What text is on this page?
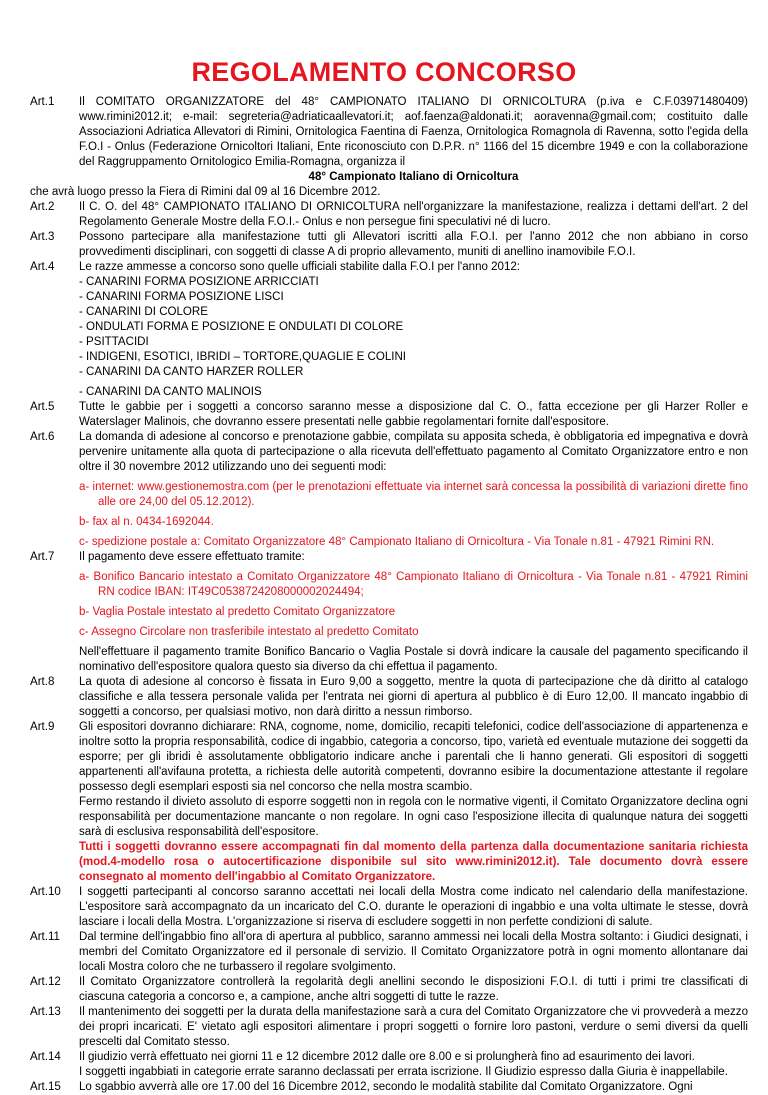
REGOLAMENTO CONCORSO
Art.1 Il COMITATO ORGANIZZATORE del 48° CAMPIONATO ITALIANO DI ORNICOLTURA (p.iva e C.F.03971480409) www.rimini2012.it; e-mail: segreteria@adriaticaallevatori.it; aof.faenza@aldonati.it; aoravenna@gmail.com; costituito dalle Associazioni Adriatica Allevatori di Rimini, Ornitologica Faentina di Faenza, Ornitologica Romagnola di Ravenna, sotto l'egida della F.O.I - Onlus (Federazione Ornicoltori Italiani, Ente riconosciuto con D.P.R. n° 1166 del 15 dicembre 1949 e con la collaborazione del Raggruppamento Ornitologico Emilia-Romagna, organizza il
48° Campionato Italiano di Ornicoltura
che avrà luogo presso la Fiera di Rimini dal 09 al 16 Dicembre 2012.
Art.2 Il C. O. del 48° CAMPIONATO ITALIANO DI ORNICOLTURA nell'organizzare la manifestazione, realizza i dettami dell'art. 2 del Regolamento Generale Mostre della F.O.I.- Onlus e non persegue fini speculativi né di lucro.
Art.3 Possono partecipare alla manifestazione tutti gli Allevatori iscritti alla F.O.I. per l'anno 2012 che non abbiano in corso provvedimenti disciplinari, con soggetti di classe A di proprio allevamento, muniti di anellino inamovibile F.O.I.
Art.4 Le razze ammesse a concorso sono quelle ufficiali stabilite dalla F.O.I per l'anno 2012:
- CANARINI FORMA POSIZIONE ARRICCIATI
- CANARINI FORMA POSIZIONE LISCI
- CANARINI DI COLORE
- ONDULATI FORMA E POSIZIONE E ONDULATI DI COLORE
- PSITTACIDI
- INDIGENI, ESOTICI, IBRIDI – TORTORE,QUAGLIE E COLINI
- CANARINI DA CANTO HARZER ROLLER
- CANARINI DA CANTO MALINOIS
Art.5 Tutte le gabbie per i soggetti a concorso saranno messe a disposizione dal C. O., fatta eccezione per gli Harzer Roller e Waterslager Malinois, che dovranno essere presentati nelle gabbie regolamentari fornite dall'espositore.
Art.6 La domanda di adesione al concorso e prenotazione gabbie, compilata su apposita scheda, è obbligatoria ed impegnativa e dovrà pervenire unitamente alla quota di partecipazione o alla ricevuta dell'effettuato pagamento al Comitato Organizzatore entro e non oltre il 30 novembre 2012 utilizzando uno dei seguenti modi:
a- internet: www.gestionemostra.com (per le prenotazioni effettuate via internet sarà concessa la possibilità di variazioni dirette fino alle ore 24,00 del 05.12.2012).
b- fax al n. 0434-1692044.
c- spedizione postale a: Comitato Organizzatore 48° Campionato Italiano di Ornicoltura - Via Tonale n.81 - 47921 Rimini RN.
Art.7 Il pagamento deve essere effettuato tramite:
a- Bonifico Bancario intestato a Comitato Organizzatore 48° Campionato Italiano di Ornicoltura - Via Tonale n.81 - 47921 Rimini RN codice IBAN: IT49C0538724208000002024494;
b- Vaglia Postale intestato al predetto Comitato Organizzatore
c- Assegno Circolare non trasferibile intestato al predetto Comitato
Nell'effettuare il pagamento tramite Bonifico Bancario o Vaglia Postale si dovrà indicare la causale del pagamento specificando il nominativo dell'espositore qualora questo sia diverso da chi effettua il pagamento.
Art.8 La quota di adesione al concorso è fissata in Euro 9,00 a soggetto, mentre la quota di partecipazione che dà diritto al catalogo classifiche e alla tessera personale valida per l'entrata nei giorni di apertura al pubblico è di Euro 12,00. Il mancato ingabbio di soggetti a concorso, per qualsiasi motivo, non darà diritto a nessun rimborso.
Art.9 Gli espositori dovranno dichiarare: RNA, cognome, nome, domicilio, recapiti telefonici, codice dell'associazione di appartenenza e inoltre sotto la propria responsabilità, codice di ingabbio, categoria a concorso, tipo, varietà ed eventuale mutazione dei soggetti da esporre; per gli ibridi è assolutamente obbligatorio indicare anche i parentali che li hanno generati. Gli espositori di soggetti appartenenti all'avifauna protetta, a richiesta delle autorità competenti, dovranno esibire la documentazione attestante il regolare possesso degli esemplari esposti sia nel concorso che nella mostra scambio.
Fermo restando il divieto assoluto di esporre soggetti non in regola con le normative vigenti, il Comitato Organizzatore declina ogni responsabilità per documentazione mancante o non regolare. In ogni caso l'esposizione illecita di qualunque natura dei soggetti sarà di esclusiva responsabilità dell'espositore.
Tutti i soggetti dovranno essere accompagnati fin dal momento della partenza dalla documentazione sanitaria richiesta (mod.4-modello rosa o autocertificazione disponibile sul sito www.rimini2012.it). Tale documento dovrà essere consegnato al momento dell'ingabbio al Comitato Organizzatore.
Art.10 I soggetti partecipanti al concorso saranno accettati nei locali della Mostra come indicato nel calendario della manifestazione. L'espositore sarà accompagnato da un incaricato del C.O. durante le operazioni di ingabbio e una volta ultimate le stesse, dovrà lasciare i locali della Mostra. L'organizzazione si riserva di escludere soggetti in non perfette condizioni di salute.
Art.11 Dal termine dell'ingabbio fino all'ora di apertura al pubblico, saranno ammessi nei locali della Mostra soltanto: i Giudici designati, i membri del Comitato Organizzatore ed il personale di servizio. Il Comitato Organizzatore potrà in ogni momento allontanare dai locali Mostra coloro che ne turbassero il regolare svolgimento.
Art.12 Il Comitato Organizzatore controllerà la regolarità degli anellini secondo le disposizioni F.O.I. di tutti i primi tre classificati di ciascuna categoria a concorso e, a campione, anche altri soggetti di tutte le razze.
Art.13 Il mantenimento dei soggetti per la durata della manifestazione sarà a cura del Comitato Organizzatore che vi provvederà a mezzo dei propri incaricati. E' vietato agli espositori alimentare i propri soggetti o fornire loro pastoni, verdure o semi diversi da quelli prescelti dal Comitato stesso.
Art.14 Il giudizio verrà effettuato nei giorni 11 e 12 dicembre 2012 dalle ore 8.00 e si prolungherà fino ad esaurimento dei lavori.
I soggetti ingabbiati in categorie errate saranno declassati per errata iscrizione. Il Giudizio espresso dalla Giuria è inappellabile.
Art.15 Lo sgabbio avverrà alle ore 17.00 del 16 Dicembre 2012, secondo le modalità stabilite dal Comitato Organizzatore. Ogni
